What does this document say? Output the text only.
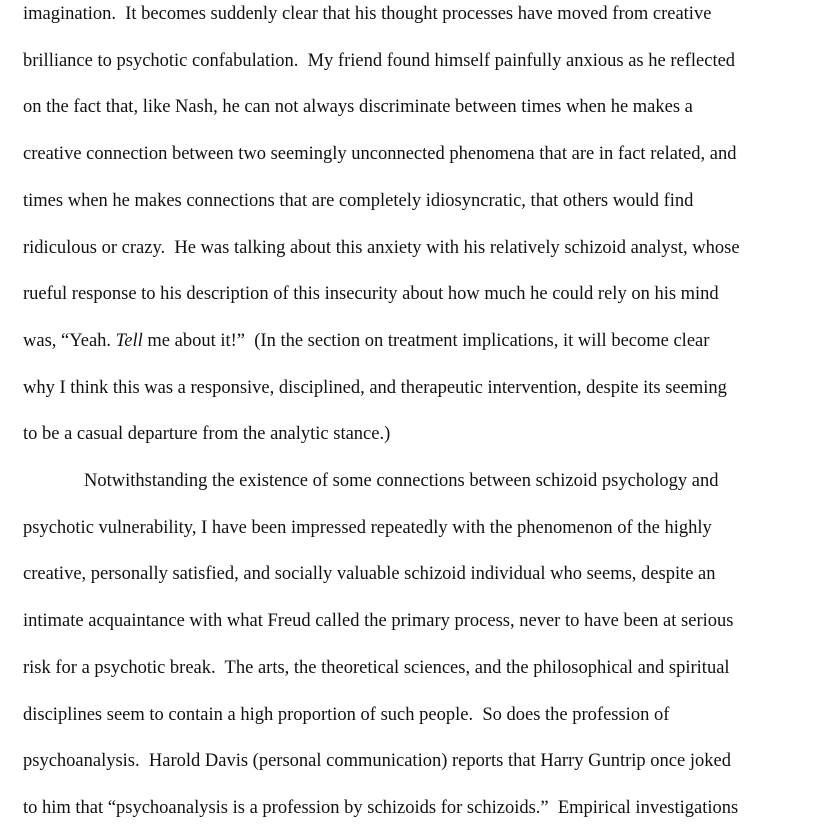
imagination.  It becomes suddenly clear that his thought processes have moved from creative
brilliance to psychotic confabulation.  My friend found himself painfully anxious as he reflected
on the fact that, like Nash, he can not always discriminate between times when he makes a
creative connection between two seemingly unconnected phenomena that are in fact related, and
times when he makes connections that are completely idiosyncratic, that others would find
ridiculous or crazy.  He was talking about this anxiety with his relatively schizoid analyst, whose
rueful response to his description of this insecurity about how much he could rely on his mind
was, “Yeah. Tell me about it!”  (In the section on treatment implications, it will become clear
why I think this was a responsive, disciplined, and therapeutic intervention, despite its seeming
to be a casual departure from the analytic stance.)
Notwithstanding the existence of some connections between schizoid psychology and
psychotic vulnerability, I have been impressed repeatedly with the phenomenon of the highly
creative, personally satisfied, and socially valuable schizoid individual who seems, despite an
intimate acquaintance with what Freud called the primary process, never to have been at serious
risk for a psychotic break.  The arts, the theoretical sciences, and the philosophical and spiritual
disciplines seem to contain a high proportion of such people.  So does the profession of
psychoanalysis.  Harold Davis (personal communication) reports that Harry Guntrip once joked
to him that “psychoanalysis is a profession by schizoids for schizoids.”  Empirical investigations
